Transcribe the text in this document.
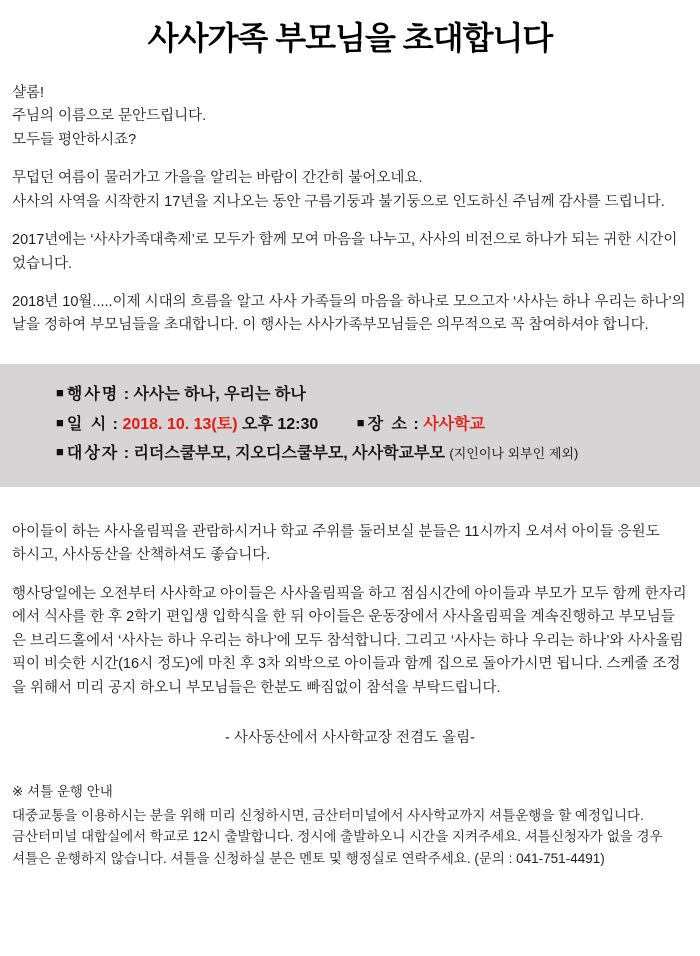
사사가족 부모님을 초대합니다
샬롬!
주님의 이름으로 문안드립니다.
모두들 평안하시죠?
무덥던 여름이 물러가고 가을을 알리는 바람이 간간히 불어오네요.
사사의 사역을 시작한지 17년을 지나오는 동안 구름기둥과 불기둥으로 인도하신 주님께 감사를 드립니다.
2017년에는 ‘사사가족대축제’로 모두가 함께 모여 마음을 나누고, 사사의 비전으로 하나가 되는 귀한 시간이었습니다.
2018년 10월.....이제 시대의 흐름을 알고 사사 가족들의 마음을 하나로 모으고자 ‘사사는 하나 우리는 하나’의 날을 정하여 부모님들을 초대합니다. 이 행사는 사사가족부모님들은 의무적으로 꼭 참여하셔야 합니다.
■ 행사명 : 사사는 하나, 우리는 하나
■ 일 시 : 2018. 10. 13(토) 오후 12:30	■ 장 소 : 사사학교
■ 대상자 : 리더스쿨부모, 지오디스쿨부모, 사사학교부모 (지인이나 외부인 제외)
아이들이 하는 사사올림픽을 관람하시거나 학교 주위를 둘러보실 분들은 11시까지 오셔서 아이들 응원도
하시고, 사사동산을 산책하셔도 좋습니다.
행사당일에는 오전부터 사사학교 아이들은 사사올림픽을 하고 점심시간에 아이들과 부모가 모두 함께 한자리에서 식사를 한 후 2학기 편입생 입학식을 한 뒤 아이들은 운동장에서 사사올림픽을 계속진행하고 부모님들은 브리드홀에서 ‘사사는 하나 우리는 하나’에 모두 참석합니다. 그리고 ‘사사는 하나 우리는 하나’와 사사올림픽이 비슷한 시간(16시 정도)에 마친 후 3차 외박으로 아이들과 함께 집으로 돌아가시면 됩니다. 스케줄 조정을 위해서 미리 공지 하오니 부모님들은 한분도 빠짐없이 참석을 부탁드립니다.
- 사사동산에서 사사학교장 전겸도 올림-
※ 셔틀 운행 안내
대중교통을 이용하시는 분을 위해 미리 신청하시면, 금산터미널에서 사사학교까지 셔틀운행을 할 예정입니다.
금산터미널 대합실에서 학교로 12시 출발합니다. 정시에 출발하오니 시간을 지켜주세요. 셔틀신청자가 없을 경우
셔틀은 운행하지 않습니다. 셔틀을 신청하실 분은 멘토 및 행정실로 연락주세요. (문의 : 041-751-4491)
